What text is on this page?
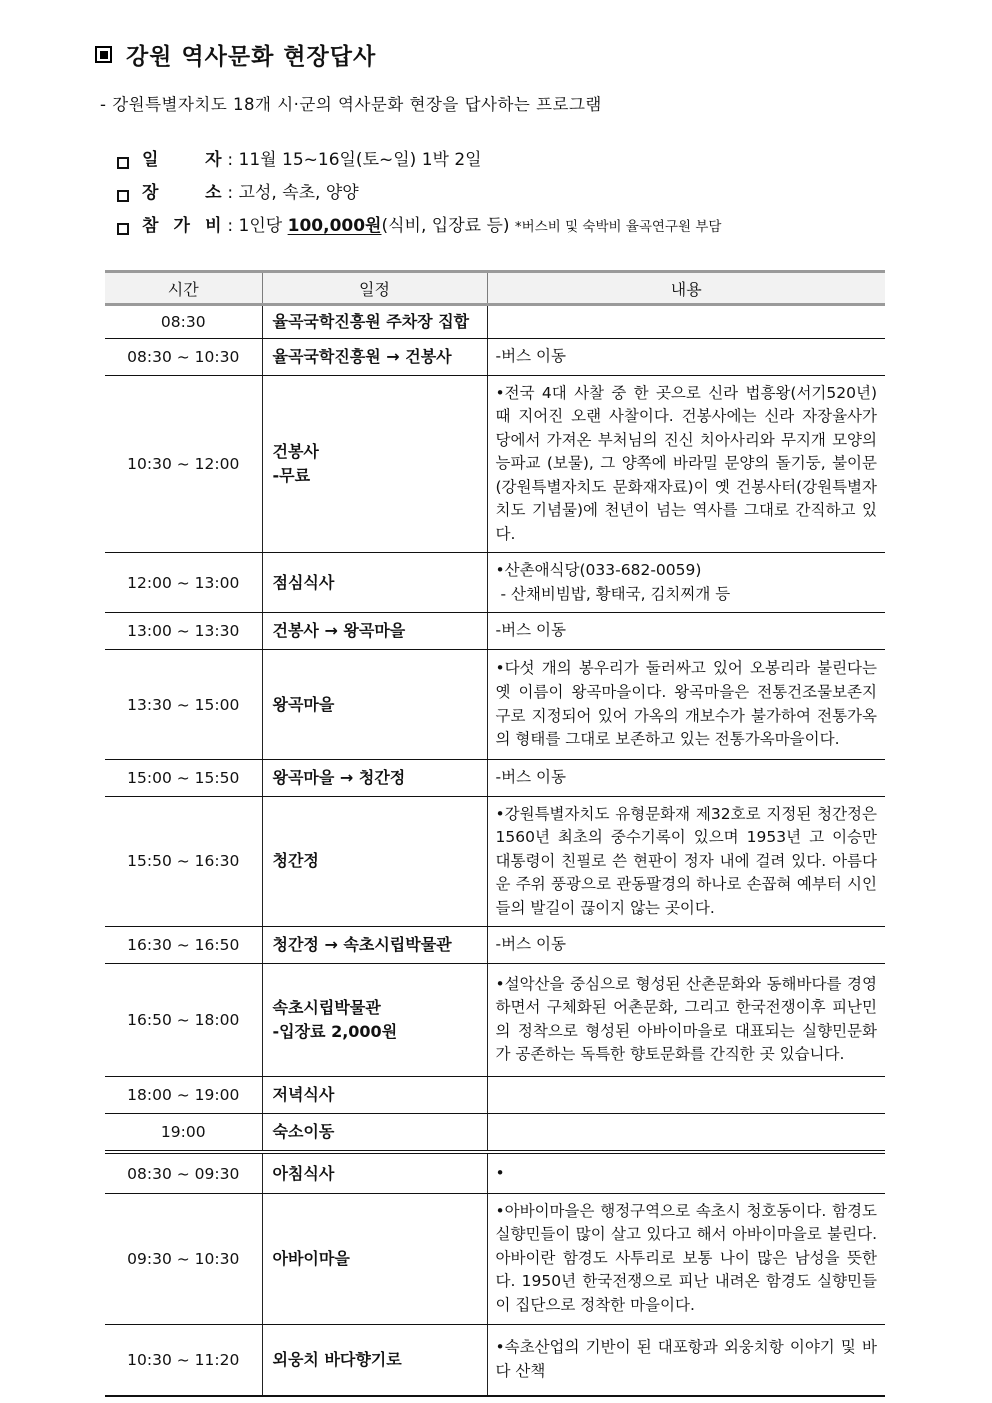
강원 역사문화 현장답사
- 강원특별자치도 18개 시·군의 역사문화 현장을 답사하는 프로그램
일 자 : 11월 15~16일(토~일) 1박 2일
장 소 : 고성, 속초, 양양
참 가 비 : 1인당 100,000원 (식비, 입장료 등) *버스비 및 숙박비 율곡연구원 부담
시간	일정	내용
08:30	율곡국학진흥원 주차장 집합	

08:30 ~ 10:30	율곡국학진흥원 → 건봉사	-버스 이동

10:30 ~ 12:00	건봉사
-무료	•전국 4대 사찰 중 한 곳으로 신라 법흥왕(서기520년) 때 지어진 오랜 사찰이다. 건봉사에는 신라 자장율사가 당에서 가져온 부처님의 진신 치아사리와 무지개 모양의 능파교 (보물), 그 양쪽에 바라밀 문양의 돌기둥, 불이문(강원특별자치도 문화재자료)이 옛 건봉사터(강원특별자치도 기념물)에 천년이 넘는 역사를 그대로 간직하고 있다.

12:00 ~ 13:00	점심식사	•산촌애식당(033-682-0059)
- 산채비빔밥, 황태국, 김치찌개 등

13:00 ~ 13:30	건봉사 → 왕곡마을	-버스 이동

13:30 ~ 15:00	왕곡마을	•다섯 개의 봉우리가 둘러싸고 있어 오봉리라 불린다는 옛 이름이 왕곡마을이다. 왕곡마을은 전통건조물보존지구로 지정되어 있어 가옥의 개보수가 불가하여 전통가옥의 형태를 그대로 보존하고 있는 전통가옥마을이다.

15:00 ~ 15:50	왕곡마을 → 청간정	-버스 이동

15:50 ~ 16:30	청간정	•강원특별자치도 유형문화재 제32호로 지정된 청간정은 1560년 최초의 중수기록이 있으며 1953년 고 이승만 대통령이 친필로 쓴 현판이 정자 내에 걸려 있다. 아름다운 주위 풍광으로 관동팔경의 하나로 손꼽혀 예부터 시인들의 발길이 끊이지 않는 곳이다.

16:30 ~ 16:50	청간정 → 속초시립박물관	-버스 이동

16:50 ~ 18:00	속초시립박물관
-입장료 2,000원	•설악산을 중심으로 형성된 산촌문화와 동해바다를 경영하면서 구체화된 어촌문화, 그리고 한국전쟁이후 피난민의 정착으로 형성된 아바이마을로 대표되는 실향민문화가 공존하는 독특한 향토문화를 간직한 곳 있습니다.

18:00 ~ 19:00	저녁식사	

19:00	숙소이동	

08:30 ~ 09:30	아침식사	•

09:30 ~ 10:30	아바이마을	•아바이마을은 행정구역으로 속초시 청호동이다. 함경도 실향민들이 많이 살고 있다고 해서 아바이마을로 불린다. 아바이란 함경도 사투리로 보통 나이 많은 남성을 뜻한다. 1950년 한국전쟁으로 피난 내려온 함경도 실향민들이 집단으로 정착한 마을이다.

10:30 ~ 11:20	외웅치 바다향기로	•속초산업의 기반이 된 대포항과 외웅치항 이야기 및 바다 산책
